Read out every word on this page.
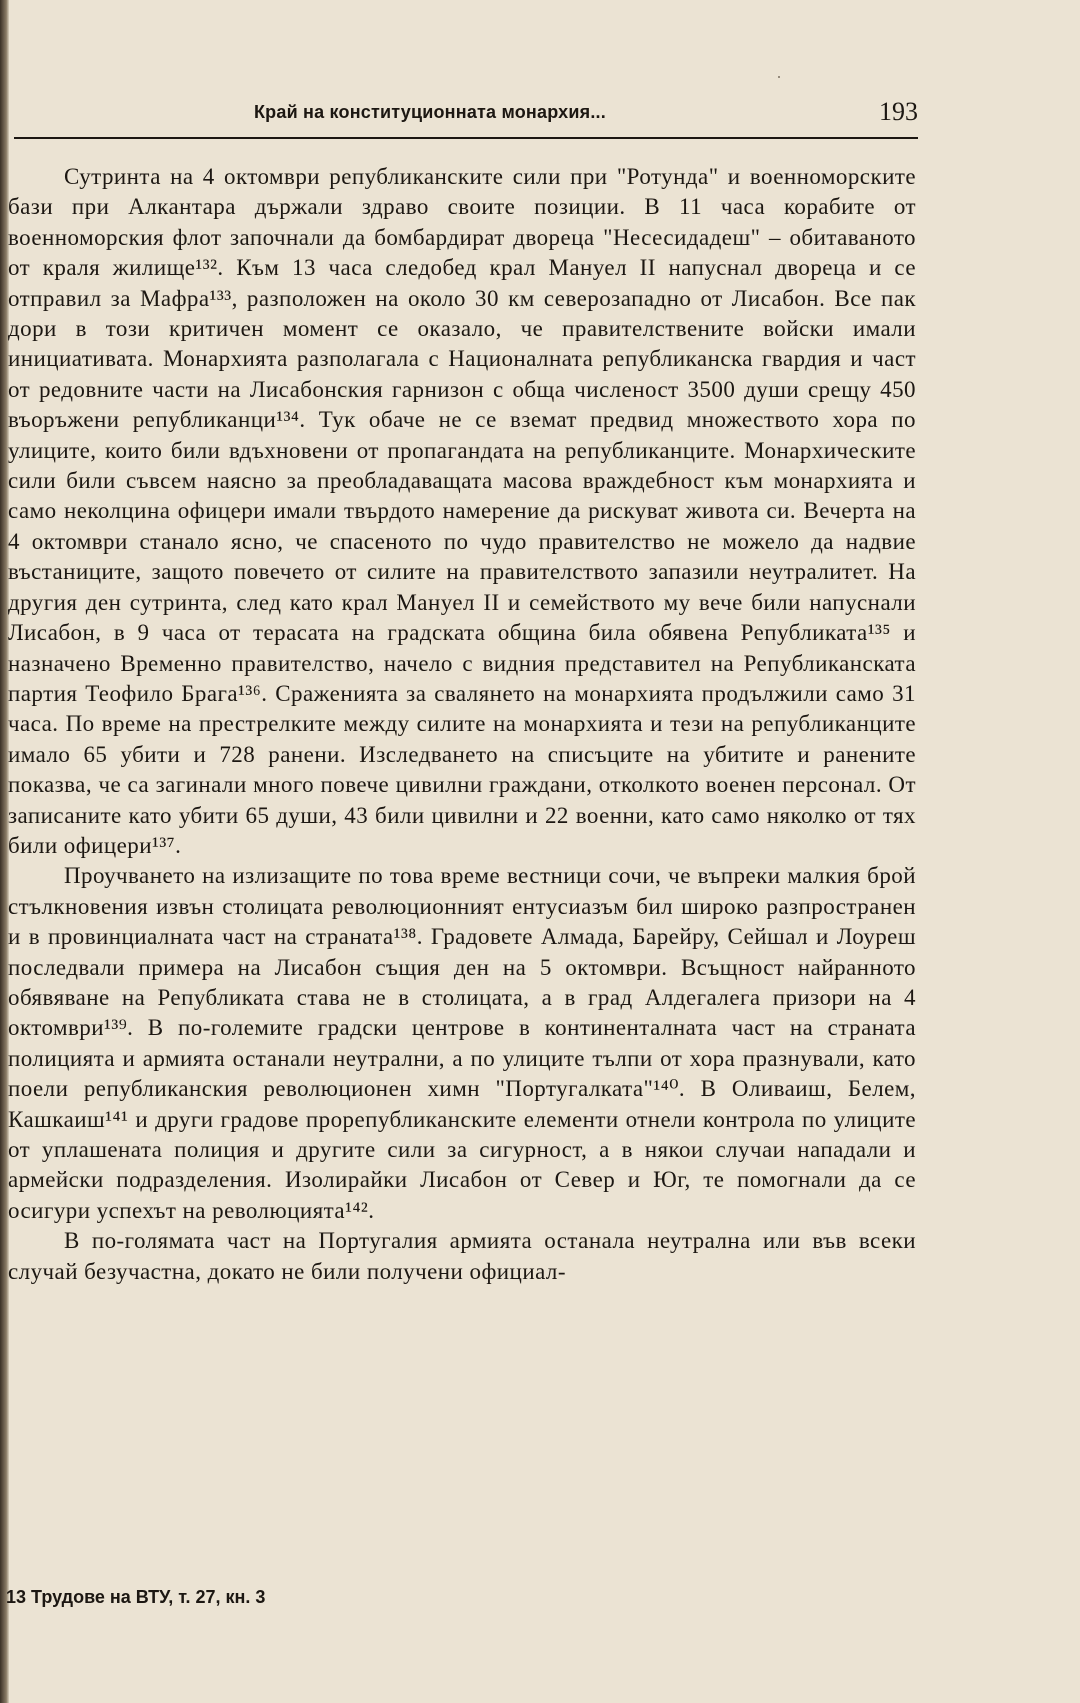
Край на конституционната монархия...	193

Сутринта на 4 октомври републиканските сили при "Ротунда" и военноморските бази при Алкантара държали здраво своите позиции. В 11 часа корабите от военноморския флот започнали да бомбардират двореца "Несесидадеш" – обитаваното от краля жилище¹³². Към 13 часа следобед крал Мануел II напуснал двореца и се отправил за Мафра¹³³, разположен на около 30 км северозападно от Лисабон. Все пак дори в този критичен момент се оказало, че правителствените войски имали инициативата. Монархията разполагала с Националната републиканска гвардия и част от редовните части на Лисабонския гарнизон с обща численост 3500 души срещу 450 въоръжени републиканци¹³⁴. Тук обаче не се вземат предвид множеството хора по улиците, които били вдъхновени от пропагандата на републиканците. Монархическите сили били съвсем наясно за преобладаващата масова враждебност към монархията и само неколцина офицери имали твърдото намерение да рискуват живота си. Вечерта на 4 октомври станало ясно, че спасеното по чудо правителство не можело да надвие въстаниците, защото повечето от силите на правителството запазили неутралитет. На другия ден сутринта, след като крал Мануел II и семейството му вече били напуснали Лисабон, в 9 часа от терасата на градската община била обявена Републиката¹³⁵ и назначено Временно правителство, начело с видния представител на Републиканската партия Теофило Брага¹³⁶. Сраженията за свалянето на монархията продължили само 31 часа. По време на престрелките между силите на монархията и тези на републиканците имало 65 убити и 728 ранени. Изследването на списъците на убитите и ранените показва, че са загинали много повече цивилни граждани, отколкото военен персонал. От записаните като убити 65 души, 43 били цивилни и 22 военни, като само няколко от тях били офицери¹³⁷.

Проучването на излизащите по това време вестници сочи, че въпреки малкия брой стълкновения извън столицата революционният ентусиазъм бил широко разпространен и в провинциалната част на страната¹³⁸. Градовете Алмада, Барейру, Сейшал и Лоуреш последвали примера на Лисабон същия ден на 5 октомври. Всъщност найранното обявяване на Републиката става не в столицата, а в град Алдегалега призори на 4 октомври¹³⁹. В по-големите градски центрове в континенталната част на страната полицията и армията останали неутрални, а по улиците тълпи от хора празнували, като поели републиканския революционен химн "Португалката"¹⁴⁰. В Оливаиш, Белем, Кашкаиш¹⁴¹ и други градове прорепубликанските елементи отнели контрола по улиците от уплашената полиция и другите сили за сигурност, а в някои случаи нападали и армейски подразделения. Изолирайки Лисабон от Север и Юг, те помогнали да се осигури успехът на революцията¹⁴².

В по-голямата част на Португалия армията останала неутрална или във всеки случай безучастна, докато не били получени официал-

13 Трудове на ВТУ, т. 27, кн. 3
